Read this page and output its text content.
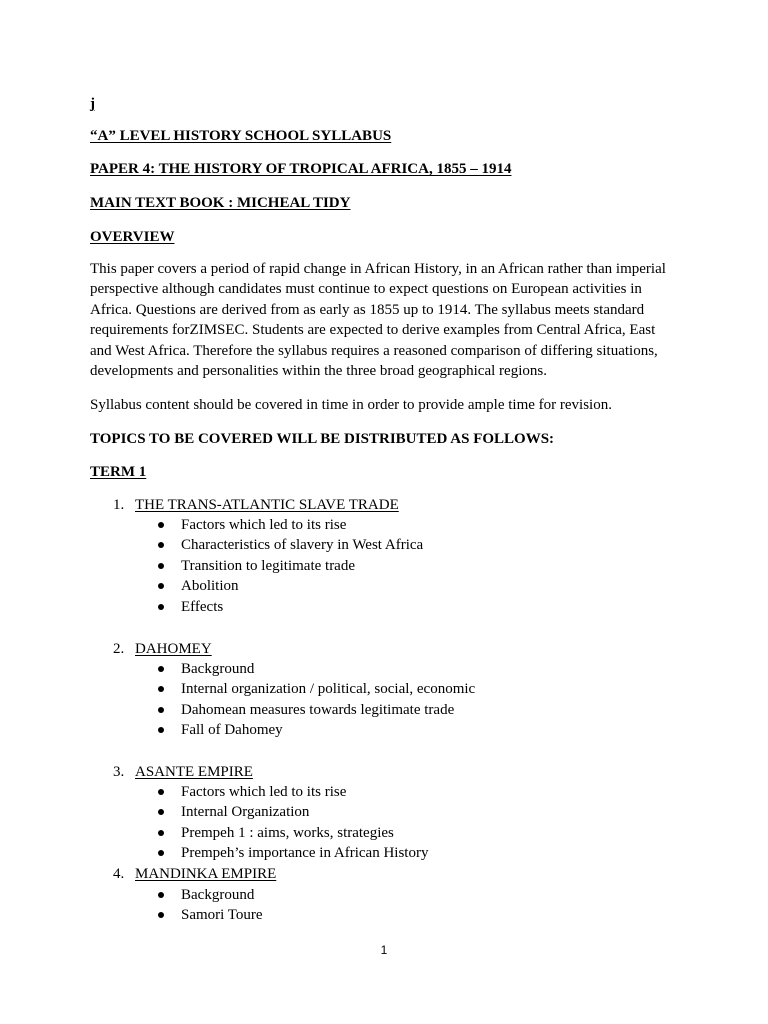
j
“A” LEVEL HISTORY SCHOOL SYLLABUS
PAPER 4: THE HISTORY OF TROPICAL AFRICA, 1855 – 1914
MAIN TEXT BOOK : MICHEAL TIDY
OVERVIEW
This paper covers a period of rapid change in African History, in an African rather than imperial
perspective although candidates must continue to expect questions on European activities in
Africa. Questions are derived from as early as 1855 up to 1914. The syllabus meets standard
requirements forZIMSEC. Students are expected to derive examples from Central Africa, East
and West Africa. Therefore the syllabus requires a reasoned comparison of differing situations,
developments and personalities within the three broad geographical regions.
Syllabus content should be covered in time in order to provide ample time for revision.
TOPICS TO BE COVERED WILL BE DISTRIBUTED AS FOLLOWS:
TERM 1
1. THE TRANS-ATLANTIC SLAVE TRADE
Factors which led to its rise
Characteristics of slavery in West Africa
Transition to legitimate trade
Abolition
Effects
2. DAHOMEY
Background
Internal organization / political, social, economic
Dahomean measures towards legitimate trade
Fall of Dahomey
3. ASANTE EMPIRE
Factors which led to its rise
Internal Organization
Prempeh 1 : aims, works, strategies
Prempeh’s importance in African History
4. MANDINKA EMPIRE
Background
Samori Toure
1
